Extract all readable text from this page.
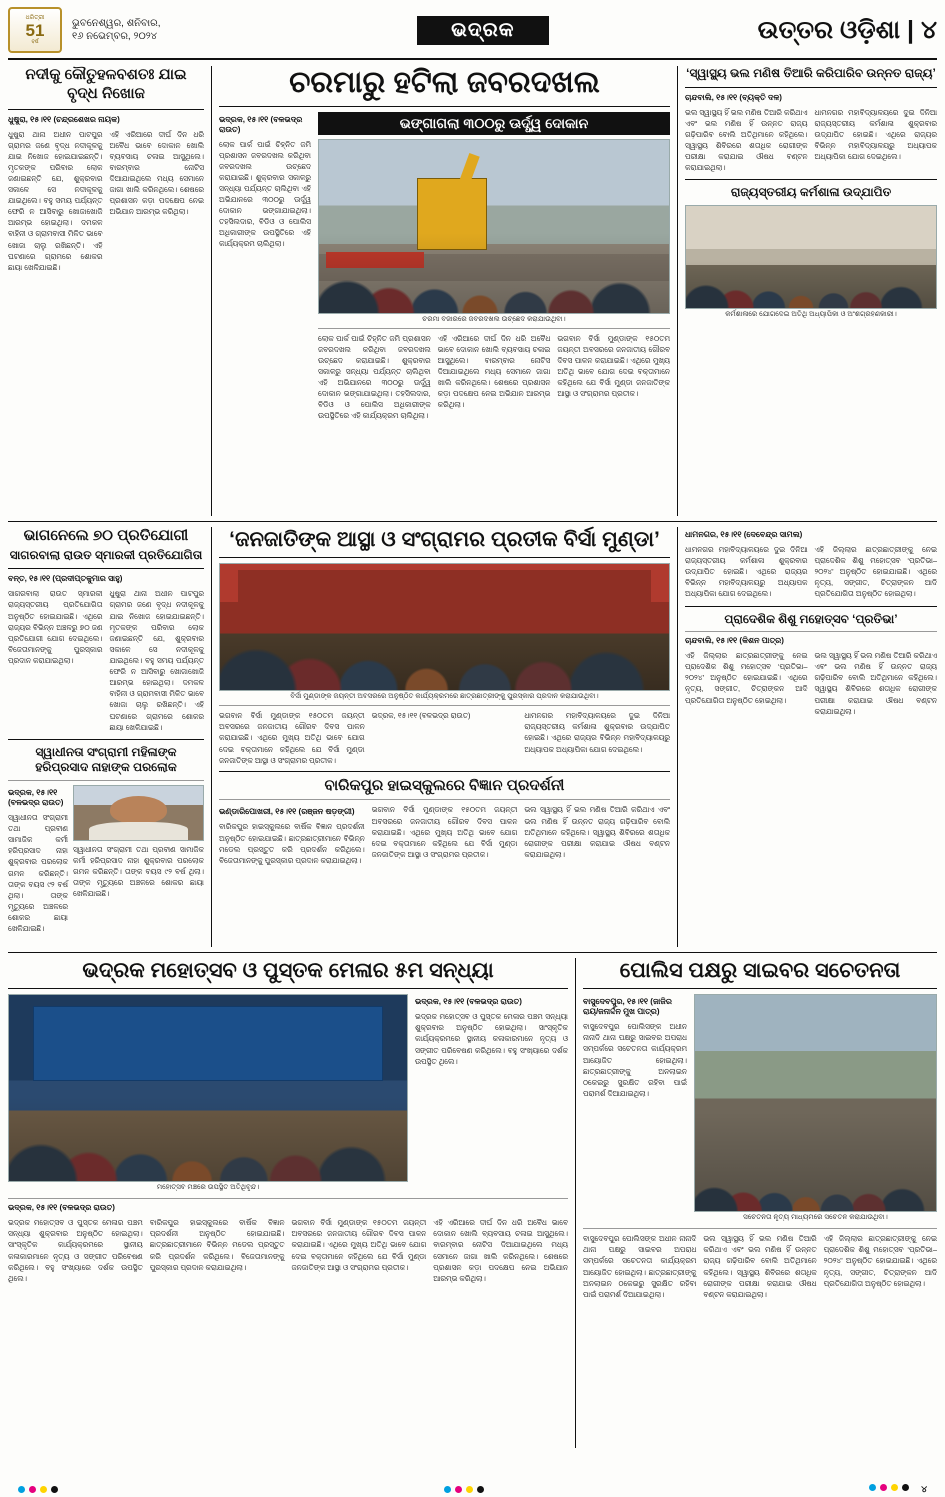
ଧରିତ୍ରୀ
51
ବର୍ଷ
ଭୁବନେଶ୍ୱର, ଶନିବାର,
୧୬ ନଭେମ୍ବର, ୨୦୨୪	ଭଦ୍ରକ	ଉତ୍ତର ଓଡ଼ିଶା | ୪
ନଦୀକୁ କୌତୁହଳବଶତଃ ଯାଇ ବୃଦ୍ଧ ନିଖୋଜ
ଧୁଷୁରା, ୧୫।୧୧ (ଚନ୍ଦ୍ରଶେଖର ନାୟକ)
ଧୁଷୁରା ଥାନା ଅଧୀନ ପାଟପୁର ଗ୍ରାମର ଜଣେ ବୃଦ୍ଧ ନଦୀକୂଳକୁ ଯାଇ ନିଖୋଜ ହୋଇଯାଇଛନ୍ତି। ମୃତକଙ୍କ ପରିବାର ଲୋକ ଜଣାଇଛନ୍ତି ଯେ, ଶୁକ୍ରବାର ସକାଳେ ସେ ନଦୀକୂଳକୁ ଯାଇଥିଲେ। ବହୁ ସମୟ ପର୍ଯ୍ୟନ୍ତ ଫେରି ନ ଆସିବାରୁ ଖୋଜାଖୋଜି ଆରମ୍ଭ ହୋଇଥିଲା। ଦମକଳ ବାହିନୀ ଓ ଗ୍ରାମବାସୀ ମିଳିତ ଭାବେ ଖୋଜା ଚାଲୁ ରଖିଛନ୍ତି। ଏହି ଘଟଣାରେ ଗ୍ରାମରେ ଶୋକର ଛାୟା ଖେଳିଯାଇଛି।
ଏହି ଏରିଆରେ ଦୀର୍ଘ ଦିନ ଧରି ଅବୈଧ ଭାବେ ଦୋକାନ ଖୋଲି ବ୍ୟବସାୟ ଚଳାଇ ଆସୁଥିଲେ। ବାରମ୍ବାର ନୋଟିସ ଦିଆଯାଇଥିଲେ ମଧ୍ୟ ସେମାନେ ଜାଗା ଖାଲି କରିନଥିଲେ। ଶେଷରେ ପ୍ରଶାସନ କଡ଼ା ପଦକ୍ଷେପ ନେଇ ଅଭିଯାନ ଆରମ୍ଭ କରିଥିଲା।
ଚରମାରୁ ହଟିଲା ଜବରଦଖଲ
ଭଦ୍ରକ, ୧୫।୧୧ (ବଳଭଦ୍ର ରାଉତ)
ଲୋକ ପାର୍କ ପାଇଁ ଚିହ୍ନିତ ଜମି ପ୍ରଶାସନ ଜବରଦଖଲ କରିଥିବା ଜବରଦଖଲ ଉଚ୍ଛେଦ କରାଯାଇଛି। ଶୁକ୍ରବାର ସକାଳରୁ ସନ୍ଧ୍ୟା ପର୍ଯ୍ୟନ୍ତ ଚାଲିଥିବା ଏହି ଅଭିଯାନରେ ୩୦୦ରୁ ଊର୍ଦ୍ଧ୍ୱ ଦୋକାନ ଭଙ୍ଗାଯାଇଥିଲା। ତହସିଲଦାର, ବିଡିଓ ଓ ପୋଲିସ ଅଧିକାରୀଙ୍କ ଉପସ୍ଥିତିରେ ଏହି କାର୍ଯ୍ୟକ୍ରମ ଚାଲିଥିଲା।
ଭଙ୍ଗାଗଲା ୩୦୦ରୁ ଊର୍ଦ୍ଧ୍ୱ ଦୋକାନ
ଚରମା ବଜାରରେ ଜବରଦଖଲ ଉଚ୍ଛେଦ କରାଯାଉଥିବା।
ଲୋକ ପାର୍କ ପାଇଁ ଚିହ୍ନିତ ଜମି ପ୍ରଶାସନ ଜବରଦଖଲ କରିଥିବା ଜବରଦଖଲ ଉଚ୍ଛେଦ କରାଯାଇଛି। ଶୁକ୍ରବାର ସକାଳରୁ ସନ୍ଧ୍ୟା ପର୍ଯ୍ୟନ୍ତ ଚାଲିଥିବା ଏହି ଅଭିଯାନରେ ୩୦୦ରୁ ଊର୍ଦ୍ଧ୍ୱ ଦୋକାନ ଭଙ୍ଗାଯାଇଥିଲା। ତହସିଲଦାର, ବିଡିଓ ଓ ପୋଲିସ ଅଧିକାରୀଙ୍କ ଉପସ୍ଥିତିରେ ଏହି କାର୍ଯ୍ୟକ୍ରମ ଚାଲିଥିଲା।
ଏହି ଏରିଆରେ ଦୀର୍ଘ ଦିନ ଧରି ଅବୈଧ ଭାବେ ଦୋକାନ ଖୋଲି ବ୍ୟବସାୟ ଚଳାଇ ଆସୁଥିଲେ। ବାରମ୍ବାର ନୋଟିସ ଦିଆଯାଇଥିଲେ ମଧ୍ୟ ସେମାନେ ଜାଗା ଖାଲି କରିନଥିଲେ। ଶେଷରେ ପ୍ରଶାସନ କଡ଼ା ପଦକ୍ଷେପ ନେଇ ଅଭିଯାନ ଆରମ୍ଭ କରିଥିଲା।
ଭଗବାନ ବିର୍ସା ମୁଣ୍ଡାଙ୍କ ୧୫୦ତମ ଜୟନ୍ତୀ ଅବସରରେ ଜନଜାତୀୟ ଗୌରବ ଦିବସ ପାଳନ କରାଯାଇଛି। ଏଥିରେ ମୁଖ୍ୟ ଅତିଥି ଭାବେ ଯୋଗ ଦେଇ ବକ୍ତାମାନେ କହିଥିଲେ ଯେ ବିର୍ସା ମୁଣ୍ଡା ଜନଜାତିଙ୍କ ଆସ୍ଥା ଓ ସଂଗ୍ରାମର ପ୍ରତୀକ।
‘ସ୍ୱାସ୍ଥ୍ୟ ଭଲ ମଣିଷ ତିଆରି କରିପାରିବ ଉନ୍ନତ ରାଜ୍ୟ’
ଚାନ୍ଦବାଲି, ୧୫।୧୧ (ବ୍ୟକ୍ତି ଦଳ)
ଭଲ ସ୍ୱାସ୍ଥ୍ୟ ହିଁ ଭଲ ମଣିଷ ତିଆରି କରିଥାଏ ଏବଂ ଭଲ ମଣିଷ ହିଁ ଉନ୍ନତ ରାଜ୍ୟ ଗଢ଼ିପାରିବ ବୋଲି ଅତିଥିମାନେ କହିଥିଲେ। ସ୍ୱାସ୍ଥ୍ୟ ଶିବିରରେ ଶତାଧିକ ରୋଗୀଙ୍କ ପରୀକ୍ଷା କରାଯାଇ ଔଷଧ ବଣ୍ଟନ କରାଯାଇଥିଲା।
ଧାମନଗର ମହାବିଦ୍ୟାଳୟରେ ଦୁଇ ଦିନିଆ ରାଜ୍ୟସ୍ତରୀୟ କର୍ମଶାଳା ଶୁକ୍ରବାର ଉଦ୍‌ଯାପିତ ହୋଇଛି। ଏଥିରେ ରାଜ୍ୟର ବିଭିନ୍ନ ମହାବିଦ୍ୟାଳୟରୁ ଅଧ୍ୟାପକ ଅଧ୍ୟାପିକା ଯୋଗ ଦେଇଥିଲେ।
ରାଜ୍ୟସ୍ତରୀୟ କର୍ମଶାଳା ଉଦ୍‌ଯାପିତ
କର୍ମଶାଳାରେ ଯୋଗଦେଇ ଅତିଥି ଅଧ୍ୟାପିକା ଓ ଅଂଶଗ୍ରହଣକାରୀ।
ଭାଗନେଲେ ୭୦ ପ୍ରତିଯୋଗୀ
ସାଗରବାଲା ରାଉତ ସ୍ମାରକୀ ପ୍ରତିଯୋଗିତା
ବନ୍ତ, ୧୫।୧୧ (ପ୍ରଦୀପ୍ତକୁମାର ସାହୁ)
ସାଗରବାଲା ରାଉତ ସ୍ମାରକୀ ରାଜ୍ୟସ୍ତରୀୟ ପ୍ରତିଯୋଗିତା ଅନୁଷ୍ଠିତ ହୋଇଯାଇଛି। ଏଥିରେ ରାଜ୍ୟର ବିଭିନ୍ନ ଅଞ୍ଚଳରୁ ୭୦ ଜଣ ପ୍ରତିଯୋଗୀ ଯୋଗ ଦେଇଥିଲେ। ବିଜେତାମାନଙ୍କୁ ପୁରସ୍କାର ପ୍ରଦାନ କରାଯାଇଥିଲା।
ଧୁଷୁରା ଥାନା ଅଧୀନ ପାଟପୁର ଗ୍ରାମର ଜଣେ ବୃଦ୍ଧ ନଦୀକୂଳକୁ ଯାଇ ନିଖୋଜ ହୋଇଯାଇଛନ୍ତି। ମୃତକଙ୍କ ପରିବାର ଲୋକ ଜଣାଇଛନ୍ତି ଯେ, ଶୁକ୍ରବାର ସକାଳେ ସେ ନଦୀକୂଳକୁ ଯାଇଥିଲେ। ବହୁ ସମୟ ପର୍ଯ୍ୟନ୍ତ ଫେରି ନ ଆସିବାରୁ ଖୋଜାଖୋଜି ଆରମ୍ଭ ହୋଇଥିଲା। ଦମକଳ ବାହିନୀ ଓ ଗ୍ରାମବାସୀ ମିଳିତ ଭାବେ ଖୋଜା ଚାଲୁ ରଖିଛନ୍ତି। ଏହି ଘଟଣାରେ ଗ୍ରାମରେ ଶୋକର ଛାୟା ଖେଳିଯାଇଛି।
ସ୍ୱାଧୀନତା ସଂଗ୍ରାମୀ ମହିଳାଙ୍କ ହରିପ୍ରସାଦ ନାହାଙ୍କ ପରଲୋକ
ଭଦ୍ରକ, ୧୫।୧୧ (ବଳଭଦ୍ର ରାଉତ)
ସ୍ୱାଧୀନତା ସଂଗ୍ରାମୀ ତଥା ପ୍ରବୀଣ ସାମାଜିକ କର୍ମୀ ହରିପ୍ରସାଦ ନାହା ଶୁକ୍ରବାର ପରଲୋକ ଗମନ କରିଛନ୍ତି। ତାଙ୍କ ବୟସ ୯୨ ବର୍ଷ ଥିଲା। ତାଙ୍କ ମୃତ୍ୟୁରେ ଅଞ୍ଚଳରେ ଶୋକର ଛାୟା ଖେଳିଯାଇଛି।
ସ୍ୱାଧୀନତା ସଂଗ୍ରାମୀ ତଥା ପ୍ରବୀଣ ସାମାଜିକ କର୍ମୀ ହରିପ୍ରସାଦ ନାହା ଶୁକ୍ରବାର ପରଲୋକ ଗମନ କରିଛନ୍ତି। ତାଙ୍କ ବୟସ ୯୨ ବର୍ଷ ଥିଲା। ତାଙ୍କ ମୃତ୍ୟୁରେ ଅଞ୍ଚଳରେ ଶୋକର ଛାୟା ଖେଳିଯାଇଛି।
‘ଜନଜାତିଙ୍କ ଆସ୍ଥା ଓ ସଂଗ୍ରାମର ପ୍ରତୀକ ବିର୍ସା ମୁଣ୍ଡା’
ବିର୍ସା ମୁଣ୍ଡାଙ୍କ ଜୟନ୍ତୀ ଅବସରରେ ଅନୁଷ୍ଠିତ କାର୍ଯ୍ୟକ୍ରମରେ ଛାତ୍ରଛାତ୍ରୀଙ୍କୁ ପୁରସ୍କାର ପ୍ରଦାନ କରାଯାଉଥିବା।
ଭଗବାନ ବିର୍ସା ମୁଣ୍ଡାଙ୍କ ୧୫୦ତମ ଜୟନ୍ତୀ ଅବସରରେ ଜନଜାତୀୟ ଗୌରବ ଦିବସ ପାଳନ କରାଯାଇଛି। ଏଥିରେ ମୁଖ୍ୟ ଅତିଥି ଭାବେ ଯୋଗ ଦେଇ ବକ୍ତାମାନେ କହିଥିଲେ ଯେ ବିର୍ସା ମୁଣ୍ଡା ଜନଜାତିଙ୍କ ଆସ୍ଥା ଓ ସଂଗ୍ରାମର ପ୍ରତୀକ।
ଭଦ୍ରକ, ୧୫।୧୧ (ବଳଭଦ୍ର ରାଉତ)	ଧାମନଗର ମହାବିଦ୍ୟାଳୟରେ ଦୁଇ ଦିନିଆ ରାଜ୍ୟସ୍ତରୀୟ କର୍ମଶାଳା ଶୁକ୍ରବାର ଉଦ୍‌ଯାପିତ ହୋଇଛି। ଏଥିରେ ରାଜ୍ୟର ବିଭିନ୍ନ ମହାବିଦ୍ୟାଳୟରୁ ଅଧ୍ୟାପକ ଅଧ୍ୟାପିକା ଯୋଗ ଦେଇଥିଲେ।
ବାରିକପୁର ହାଇସ୍କୁଲରେ ବିଜ୍ଞାନ ପ୍ରଦର୍ଶନୀ
ଭଣ୍ଡାରିପୋଖରୀ, ୧୫।୧୧ (ରଞ୍ଜନ ଷଡ଼ଙ୍ଗୀ)
ବାରିକପୁର ହାଇସ୍କୁଲରେ ବାର୍ଷିକ ବିଜ୍ଞାନ ପ୍ରଦର୍ଶନୀ ଅନୁଷ୍ଠିତ ହୋଇଯାଇଛି। ଛାତ୍ରଛାତ୍ରୀମାନେ ବିଭିନ୍ନ ମଡେଲ ପ୍ରସ୍ତୁତ କରି ପ୍ରଦର୍ଶନ କରିଥିଲେ। ବିଜେତାମାନଙ୍କୁ ପୁରସ୍କାର ପ୍ରଦାନ କରାଯାଇଥିଲା।
ଭଗବାନ ବିର୍ସା ମୁଣ୍ଡାଙ୍କ ୧୫୦ତମ ଜୟନ୍ତୀ ଅବସରରେ ଜନଜାତୀୟ ଗୌରବ ଦିବସ ପାଳନ କରାଯାଇଛି। ଏଥିରେ ମୁଖ୍ୟ ଅତିଥି ଭାବେ ଯୋଗ ଦେଇ ବକ୍ତାମାନେ କହିଥିଲେ ଯେ ବିର୍ସା ମୁଣ୍ଡା ଜନଜାତିଙ୍କ ଆସ୍ଥା ଓ ସଂଗ୍ରାମର ପ୍ରତୀକ।
ଭଲ ସ୍ୱାସ୍ଥ୍ୟ ହିଁ ଭଲ ମଣିଷ ତିଆରି କରିଥାଏ ଏବଂ ଭଲ ମଣିଷ ହିଁ ଉନ୍ନତ ରାଜ୍ୟ ଗଢ଼ିପାରିବ ବୋଲି ଅତିଥିମାନେ କହିଥିଲେ। ସ୍ୱାସ୍ଥ୍ୟ ଶିବିରରେ ଶତାଧିକ ରୋଗୀଙ୍କ ପରୀକ୍ଷା କରାଯାଇ ଔଷଧ ବଣ୍ଟନ କରାଯାଇଥିଲା।
ଧାମନଗର, ୧୫।୧୧ (ଦେବେନ୍ଦ୍ର ସାମଲ)
ଧାମନଗର ମହାବିଦ୍ୟାଳୟରେ ଦୁଇ ଦିନିଆ ରାଜ୍ୟସ୍ତରୀୟ କର୍ମଶାଳା ଶୁକ୍ରବାର ଉଦ୍‌ଯାପିତ ହୋଇଛି। ଏଥିରେ ରାଜ୍ୟର ବିଭିନ୍ନ ମହାବିଦ୍ୟାଳୟରୁ ଅଧ୍ୟାପକ ଅଧ୍ୟାପିକା ଯୋଗ ଦେଇଥିଲେ।
ଏହି ଜିଲ୍ଲାର ଛାତ୍ରଛାତ୍ରୀଙ୍କୁ ନେଇ ପ୍ରାଦେଶିକ ଶିଶୁ ମହୋତ୍ସବ ‘ପ୍ରତିଭା–୨୦୨୪’ ଅନୁଷ୍ଠିତ ହୋଇଯାଇଛି। ଏଥିରେ ନୃତ୍ୟ, ସଙ୍ଗୀତ, ଚିତ୍ରାଙ୍କନ ଆଦି ପ୍ରତିଯୋଗିତା ଅନୁଷ୍ଠିତ ହୋଇଥିଲା।
ପ୍ରାଦେଶିକ ଶିଶୁ ମହୋତ୍ସବ ‘ପ୍ରତିଭା’
ଚାନ୍ଦବାଲି, ୧୫।୧୧ (କିଶନ ପାତ୍ର)
ଏହି ଜିଲ୍ଲାର ଛାତ୍ରଛାତ୍ରୀଙ୍କୁ ନେଇ ପ୍ରାଦେଶିକ ଶିଶୁ ମହୋତ୍ସବ ‘ପ୍ରତିଭା–୨୦୨୪’ ଅନୁଷ୍ଠିତ ହୋଇଯାଇଛି। ଏଥିରେ ନୃତ୍ୟ, ସଙ୍ଗୀତ, ଚିତ୍ରାଙ୍କନ ଆଦି ପ୍ରତିଯୋଗିତା ଅନୁଷ୍ଠିତ ହୋଇଥିଲା।
ଭଲ ସ୍ୱାସ୍ଥ୍ୟ ହିଁ ଭଲ ମଣିଷ ତିଆରି କରିଥାଏ ଏବଂ ଭଲ ମଣିଷ ହିଁ ଉନ୍ନତ ରାଜ୍ୟ ଗଢ଼ିପାରିବ ବୋଲି ଅତିଥିମାନେ କହିଥିଲେ। ସ୍ୱାସ୍ଥ୍ୟ ଶିବିରରେ ଶତାଧିକ ରୋଗୀଙ୍କ ପରୀକ୍ଷା କରାଯାଇ ଔଷଧ ବଣ୍ଟନ କରାଯାଇଥିଲା।
ଭଦ୍ରକ ମହୋତ୍ସବ ଓ ପୁସ୍ତକ ମେଳାର ୫ମ ସନ୍ଧ୍ୟା
ମହୋତ୍ସବ ମଞ୍ଚରେ ଉପସ୍ଥିତ ଅତିଥିବୃନ୍ଦ।
ଭଦ୍ରକ, ୧୫।୧୧ (ବଳଭଦ୍ର ରାଉତ)
ଭଦ୍ରକ ମହୋତ୍ସବ ଓ ପୁସ୍ତକ ମେଳାର ପଞ୍ଚମ ସନ୍ଧ୍ୟା ଶୁକ୍ରବାର ଅନୁଷ୍ଠିତ ହୋଇଥିଲା। ସାଂସ୍କୃତିକ କାର୍ଯ୍ୟକ୍ରମରେ ସ୍ଥାନୀୟ କଳାକାରମାନେ ନୃତ୍ୟ ଓ ସଙ୍ଗୀତ ପରିବେଷଣ କରିଥିଲେ। ବହୁ ସଂଖ୍ୟାରେ ଦର୍ଶକ ଉପସ୍ଥିତ ଥିଲେ।
ଭଦ୍ରକ, ୧୫।୧୧ (ବଳଭଦ୍ର ରାଉତ)
ଭଦ୍ରକ ମହୋତ୍ସବ ଓ ପୁସ୍ତକ ମେଳାର ପଞ୍ଚମ ସନ୍ଧ୍ୟା ଶୁକ୍ରବାର ଅନୁଷ୍ଠିତ ହୋଇଥିଲା। ସାଂସ୍କୃତିକ କାର୍ଯ୍ୟକ୍ରମରେ ସ୍ଥାନୀୟ କଳାକାରମାନେ ନୃତ୍ୟ ଓ ସଙ୍ଗୀତ ପରିବେଷଣ କରିଥିଲେ। ବହୁ ସଂଖ୍ୟାରେ ଦର୍ଶକ ଉପସ୍ଥିତ ଥିଲେ।
ବାରିକପୁର ହାଇସ୍କୁଲରେ ବାର୍ଷିକ ବିଜ୍ଞାନ ପ୍ରଦର୍ଶନୀ ଅନୁଷ୍ଠିତ ହୋଇଯାଇଛି। ଛାତ୍ରଛାତ୍ରୀମାନେ ବିଭିନ୍ନ ମଡେଲ ପ୍ରସ୍ତୁତ କରି ପ୍ରଦର୍ଶନ କରିଥିଲେ। ବିଜେତାମାନଙ୍କୁ ପୁରସ୍କାର ପ୍ରଦାନ କରାଯାଇଥିଲା।
ଭଗବାନ ବିର୍ସା ମୁଣ୍ଡାଙ୍କ ୧୫୦ତମ ଜୟନ୍ତୀ ଅବସରରେ ଜନଜାତୀୟ ଗୌରବ ଦିବସ ପାଳନ କରାଯାଇଛି। ଏଥିରେ ମୁଖ୍ୟ ଅତିଥି ଭାବେ ଯୋଗ ଦେଇ ବକ୍ତାମାନେ କହିଥିଲେ ଯେ ବିର୍ସା ମୁଣ୍ଡା ଜନଜାତିଙ୍କ ଆସ୍ଥା ଓ ସଂଗ୍ରାମର ପ୍ରତୀକ।
ଏହି ଏରିଆରେ ଦୀର୍ଘ ଦିନ ଧରି ଅବୈଧ ଭାବେ ଦୋକାନ ଖୋଲି ବ୍ୟବସାୟ ଚଳାଇ ଆସୁଥିଲେ। ବାରମ୍ବାର ନୋଟିସ ଦିଆଯାଇଥିଲେ ମଧ୍ୟ ସେମାନେ ଜାଗା ଖାଲି କରିନଥିଲେ। ଶେଷରେ ପ୍ରଶାସନ କଡ଼ା ପଦକ୍ଷେପ ନେଇ ଅଭିଯାନ ଆରମ୍ଭ କରିଥିଲା।
ପୋଲିସ ପକ୍ଷରୁ ସାଇବର ସଚେତନତା
ବାସୁଦେବପୁର, ୧୫।୧୧ (ଜାଜିର ରାୟ/ଜନାର୍ଦ୍ଦନ ମୁଖ ପାତ୍ର)
ବାସୁଦେବପୁର ପୋଲିସଙ୍କ ଅଧୀନ ନାନାଦି ଥାନା ପକ୍ଷରୁ ସାଇବର ଅପରାଧ ସମ୍ପର୍କରେ ସଚେତନତା କାର୍ଯ୍ୟକ୍ରମ ଆୟୋଜିତ ହୋଇଥିଲା। ଛାତ୍ରଛାତ୍ରୀଙ୍କୁ ଅନଲାଇନ ଠକେଇରୁ ସୁରକ୍ଷିତ ରହିବା ପାଇଁ ପରାମର୍ଶ ଦିଆଯାଇଥିଲା।
ସଚେତନତା ନୃତ୍ୟ ମାଧ୍ୟମରେ ସଚେତନ କରାଯାଉଥିବା।
ବାସୁଦେବପୁର ପୋଲିସଙ୍କ ଅଧୀନ ନାନାଦି ଥାନା ପକ୍ଷରୁ ସାଇବର ଅପରାଧ ସମ୍ପର୍କରେ ସଚେତନତା କାର୍ଯ୍ୟକ୍ରମ ଆୟୋଜିତ ହୋଇଥିଲା। ଛାତ୍ରଛାତ୍ରୀଙ୍କୁ ଅନଲାଇନ ଠକେଇରୁ ସୁରକ୍ଷିତ ରହିବା ପାଇଁ ପରାମର୍ଶ ଦିଆଯାଇଥିଲା।
ଭଲ ସ୍ୱାସ୍ଥ୍ୟ ହିଁ ଭଲ ମଣିଷ ତିଆରି କରିଥାଏ ଏବଂ ଭଲ ମଣିଷ ହିଁ ଉନ୍ନତ ରାଜ୍ୟ ଗଢ଼ିପାରିବ ବୋଲି ଅତିଥିମାନେ କହିଥିଲେ। ସ୍ୱାସ୍ଥ୍ୟ ଶିବିରରେ ଶତାଧିକ ରୋଗୀଙ୍କ ପରୀକ୍ଷା କରାଯାଇ ଔଷଧ ବଣ୍ଟନ କରାଯାଇଥିଲା।
ଏହି ଜିଲ୍ଲାର ଛାତ୍ରଛାତ୍ରୀଙ୍କୁ ନେଇ ପ୍ରାଦେଶିକ ଶିଶୁ ମହୋତ୍ସବ ‘ପ୍ରତିଭା–୨୦୨୪’ ଅନୁଷ୍ଠିତ ହୋଇଯାଇଛି। ଏଥିରେ ନୃତ୍ୟ, ସଙ୍ଗୀତ, ଚିତ୍ରାଙ୍କନ ଆଦି ପ୍ରତିଯୋଗିତା ଅନୁଷ୍ଠିତ ହୋଇଥିଲା।
୪
